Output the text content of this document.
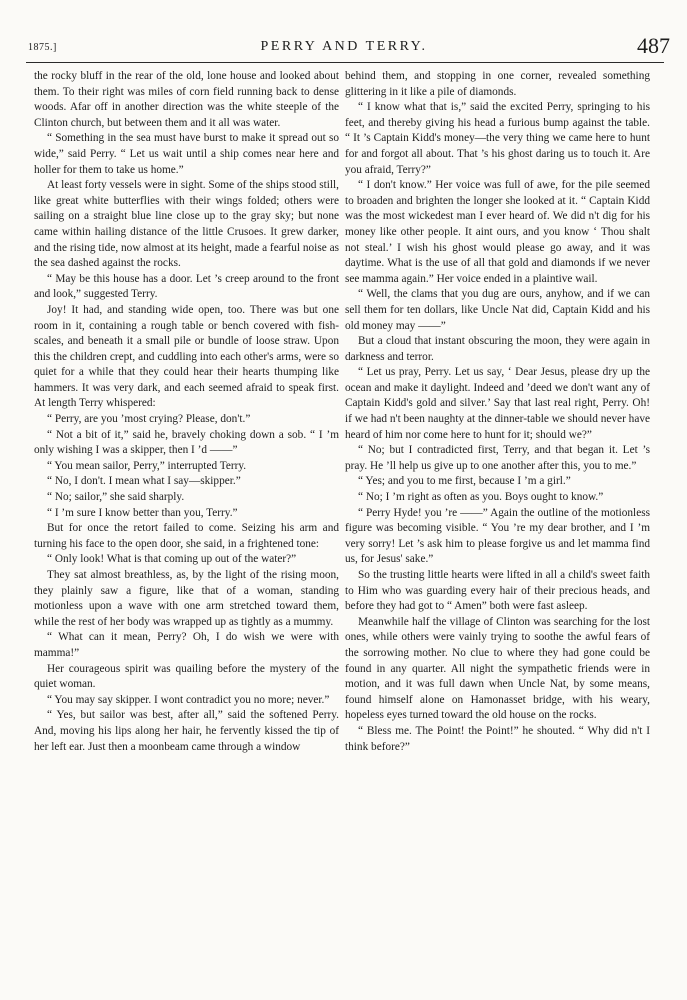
1875.]	PERRY AND TERRY.	487

the rocky bluff in the rear of the old, lone house and looked about them. To their right was miles of corn field running back to dense woods. Afar off in another direction was the white steeple of the Clinton church, but between them and it all was water.

“ Something in the sea must have burst to make it spread out so wide,” said Perry. “ Let us wait until a ship comes near here and holler for them to take us home.”

At least forty vessels were in sight. Some of the ships stood still, like great white butterflies with their wings folded; others were sailing on a straight blue line close up to the gray sky; but none came within hailing distance of the little Crusoes. It grew darker, and the rising tide, now almost at its height, made a fearful noise as the sea dashed against the rocks.

“ May be this house has a door. Let ’s creep around to the front and look,” suggested Terry.

Joy! It had, and standing wide open, too. There was but one room in it, containing a rough table or bench covered with fish-scales, and beneath it a small pile or bundle of loose straw. Upon this the children crept, and cuddling into each other's arms, were so quiet for a while that they could hear their hearts thumping like hammers. It was very dark, and each seemed afraid to speak first. At length Terry whispered:

“ Perry, are you ’most crying? Please, don't.”

“ Not a bit of it,” said he, bravely choking down a sob. “ I ’m only wishing I was a skipper, then I ’d ——”

“ You mean sailor, Perry,” interrupted Terry.

“ No, I don't. I mean what I say—skipper.”

“ No; sailor,” she said sharply.

“ I ’m sure I know better than you, Terry.”

But for once the retort failed to come. Seizing his arm and turning his face to the open door, she said, in a frightened tone:

“ Only look! What is that coming up out of the water?”

They sat almost breathless, as, by the light of the rising moon, they plainly saw a figure, like that of a woman, standing motionless upon a wave with one arm stretched toward them, while the rest of her body was wrapped up as tightly as a mummy.

“ What can it mean, Perry? Oh, I do wish we were with mamma!”

Her courageous spirit was quailing before the mystery of the quiet woman.

“ You may say skipper. I wont contradict you no more; never.”

“ Yes, but sailor was best, after all,” said the softened Perry. And, moving his lips along her hair, he fervently kissed the tip of her left ear. Just then a moonbeam came through a window

behind them, and stopping in one corner, revealed something glittering in it like a pile of diamonds.

“ I know what that is,” said the excited Perry, springing to his feet, and thereby giving his head a furious bump against the table. “ It ’s Captain Kidd's money—the very thing we came here to hunt for and forgot all about. That ’s his ghost daring us to touch it. Are you afraid, Terry?”

“ I don't know.” Her voice was full of awe, for the pile seemed to broaden and brighten the longer she looked at it. “ Captain Kidd was the most wickedest man I ever heard of. We did n't dig for his money like other people. It aint ours, and you know ‘ Thou shalt not steal.’ I wish his ghost would please go away, and it was daytime. What is the use of all that gold and diamonds if we never see mamma again.” Her voice ended in a plaintive wail.

“ Well, the clams that you dug are ours, anyhow, and if we can sell them for ten dollars, like Uncle Nat did, Captain Kidd and his old money may ——”

But a cloud that instant obscuring the moon, they were again in darkness and terror.

“ Let us pray, Perry. Let us say, ‘ Dear Jesus, please dry up the ocean and make it daylight. Indeed and ’deed we don't want any of Captain Kidd's gold and silver.’ Say that last real right, Perry. Oh! if we had n't been naughty at the dinner-table we should never have heard of him nor come here to hunt for it; should we?”

“ No; but I contradicted first, Terry, and that began it. Let ’s pray. He ’ll help us give up to one another after this, you to me.”

“ Yes; and you to me first, because I ’m a girl.”

“ No; I ’m right as often as you. Boys ought to know.”

“ Perry Hyde! you ’re ——” Again the outline of the motionless figure was becoming visible. “ You ’re my dear brother, and I ’m very sorry! Let ’s ask him to please forgive us and let mamma find us, for Jesus' sake.”

So the trusting little hearts were lifted in all a child's sweet faith to Him who was guarding every hair of their precious heads, and before they had got to “ Amen” both were fast asleep.

Meanwhile half the village of Clinton was searching for the lost ones, while others were vainly trying to soothe the awful fears of the sorrowing mother. No clue to where they had gone could be found in any quarter. All night the sympathetic friends were in motion, and it was full dawn when Uncle Nat, by some means, found himself alone on Hamonasset bridge, with his weary, hopeless eyes turned toward the old house on the rocks.

“ Bless me. The Point! the Point!” he shouted. “ Why did n't I think before?”
